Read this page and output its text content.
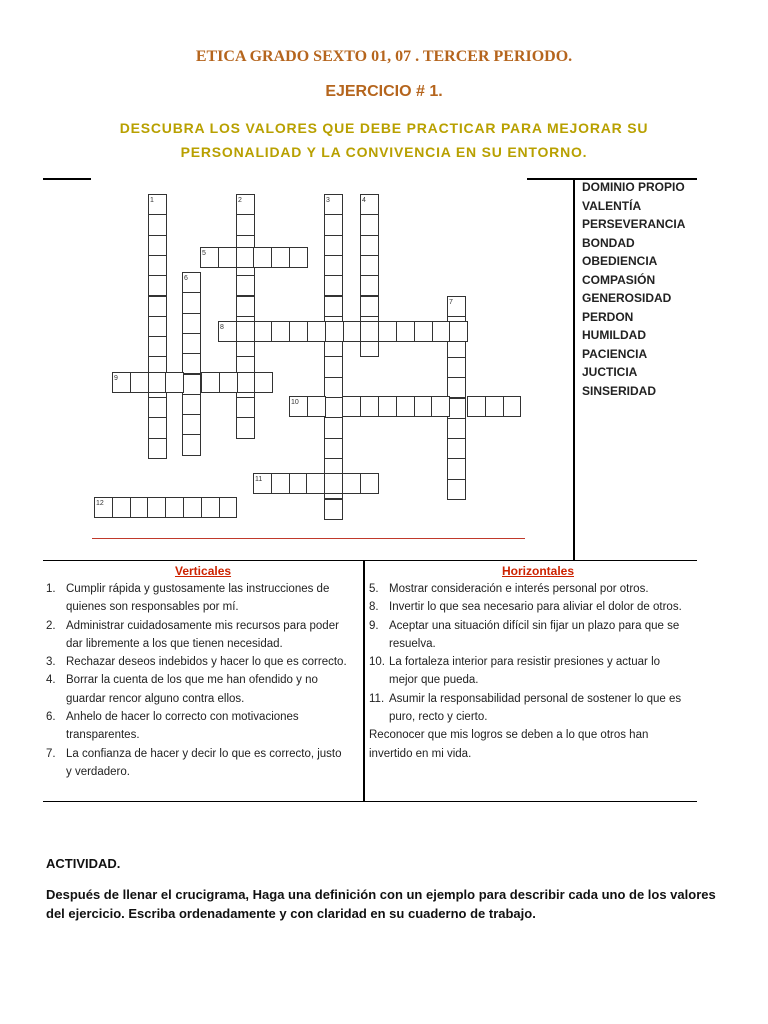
ETICA GRADO SEXTO 01, 07 . TERCER PERIODO.
EJERCICIO # 1.
DESCUBRA LOS VALORES QUE DEBE PRACTICAR PARA MEJORAR SU
PERSONALIDAD Y LA CONVIVENCIA EN SU ENTORNO.
1	2	3	4
5
6
7
8
9
10
11
12
DOMINIO PROPIO
VALENTÍA
PERSEVERANCIA
BONDAD
OBEDIENCIA
COMPASIÓN
GENEROSIDAD
PERDON
HUMILDAD
PACIENCIA
JUCTICIA
SINSERIDAD
Verticales	Horizontales
1. Cumplir rápida y gustosamente las instrucciones de
quienes son responsables por mí.
2. Administrar cuidadosamente mis recursos para poder
dar libremente a los que tienen necesidad.
3. Rechazar deseos indebidos y hacer lo que es correcto.
4. Borrar la cuenta de los que me han ofendido y no
guardar rencor alguno contra ellos.
6. Anhelo de hacer lo correcto con motivaciones
transparentes.
7. La confianza de hacer y decir lo que es correcto, justo
y verdadero.
5. Mostrar consideración e interés personal por otros.
8. Invertir lo que sea necesario para aliviar el dolor de otros.
9. Aceptar una situación difícil sin fijar un plazo para que se
resuelva.
10. La fortaleza interior para resistir presiones y actuar lo
mejor que pueda.
11. Asumir la responsabilidad personal de sostener lo que es
puro, recto y cierto.
Reconocer que mis logros se deben a lo que otros han
invertido en mi vida.
ACTIVIDAD.
Después de llenar el crucigrama, Haga una definición con un ejemplo para describir cada uno de los valores del ejercicio. Escriba ordenadamente y con claridad en su cuaderno de trabajo.
